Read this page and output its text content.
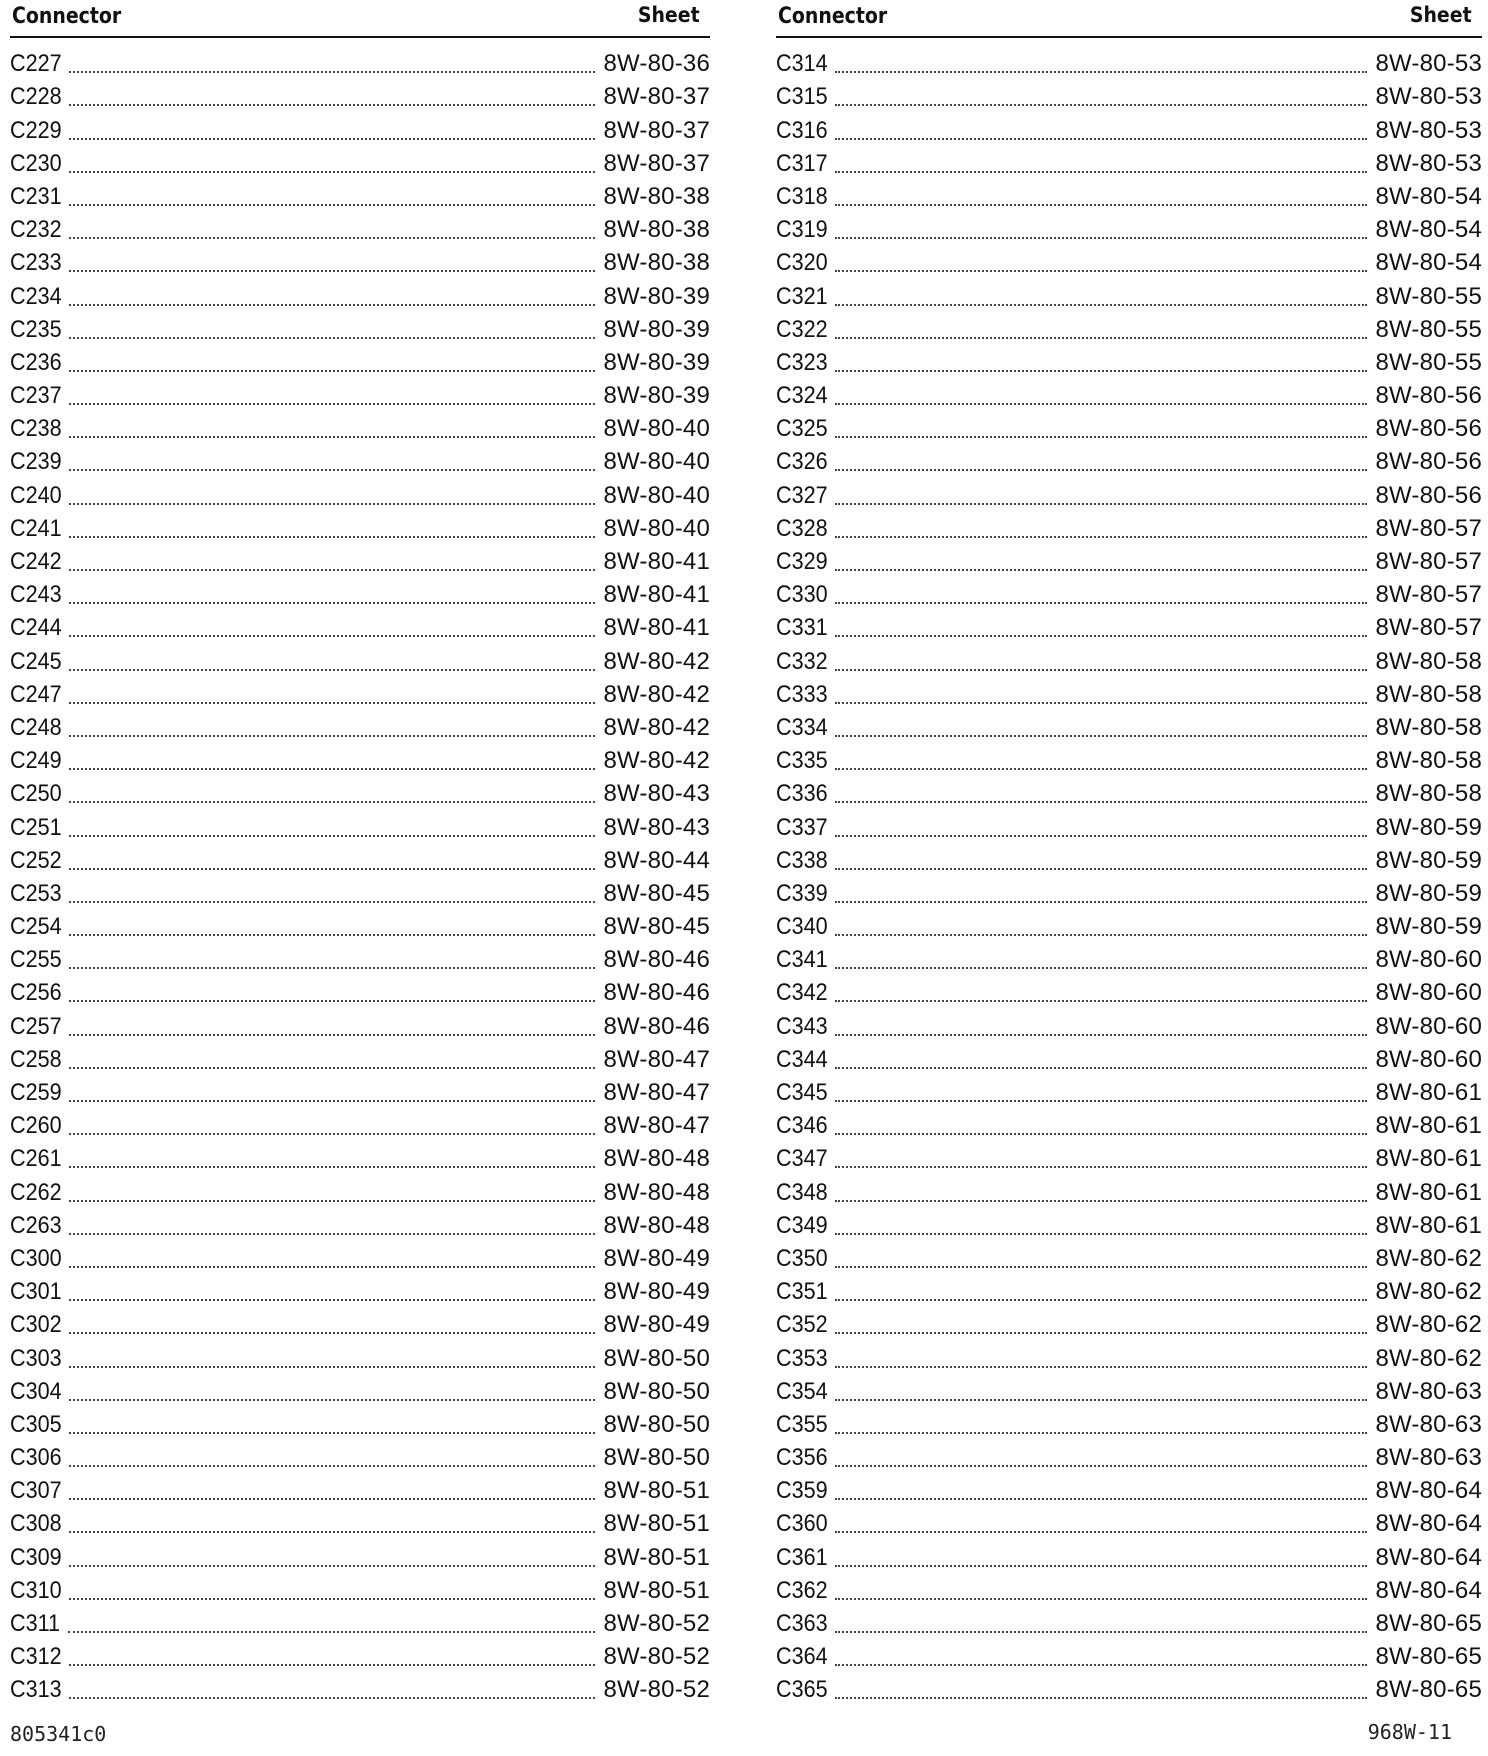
Connector	Sheet
C227	8W-80-36
C228	8W-80-37
C229	8W-80-37
C230	8W-80-37
C231	8W-80-38
C232	8W-80-38
C233	8W-80-38
C234	8W-80-39
C235	8W-80-39
C236	8W-80-39
C237	8W-80-39
C238	8W-80-40
C239	8W-80-40
C240	8W-80-40
C241	8W-80-40
C242	8W-80-41
C243	8W-80-41
C244	8W-80-41
C245	8W-80-42
C247	8W-80-42
C248	8W-80-42
C249	8W-80-42
C250	8W-80-43
C251	8W-80-43
C252	8W-80-44
C253	8W-80-45
C254	8W-80-45
C255	8W-80-46
C256	8W-80-46
C257	8W-80-46
C258	8W-80-47
C259	8W-80-47
C260	8W-80-47
C261	8W-80-48
C262	8W-80-48
C263	8W-80-48
C300	8W-80-49
C301	8W-80-49
C302	8W-80-49
C303	8W-80-50
C304	8W-80-50
C305	8W-80-50
C306	8W-80-50
C307	8W-80-51
C308	8W-80-51
C309	8W-80-51
C310	8W-80-51
C311	8W-80-52
C312	8W-80-52
C313	8W-80-52
Connector	Sheet
C314	8W-80-53
C315	8W-80-53
C316	8W-80-53
C317	8W-80-53
C318	8W-80-54
C319	8W-80-54
C320	8W-80-54
C321	8W-80-55
C322	8W-80-55
C323	8W-80-55
C324	8W-80-56
C325	8W-80-56
C326	8W-80-56
C327	8W-80-56
C328	8W-80-57
C329	8W-80-57
C330	8W-80-57
C331	8W-80-57
C332	8W-80-58
C333	8W-80-58
C334	8W-80-58
C335	8W-80-58
C336	8W-80-58
C337	8W-80-59
C338	8W-80-59
C339	8W-80-59
C340	8W-80-59
C341	8W-80-60
C342	8W-80-60
C343	8W-80-60
C344	8W-80-60
C345	8W-80-61
C346	8W-80-61
C347	8W-80-61
C348	8W-80-61
C349	8W-80-61
C350	8W-80-62
C351	8W-80-62
C352	8W-80-62
C353	8W-80-62
C354	8W-80-63
C355	8W-80-63
C356	8W-80-63
C359	8W-80-64
C360	8W-80-64
C361	8W-80-64
C362	8W-80-64
C363	8W-80-65
C364	8W-80-65
C365	8W-80-65
805341c0	968W-11
